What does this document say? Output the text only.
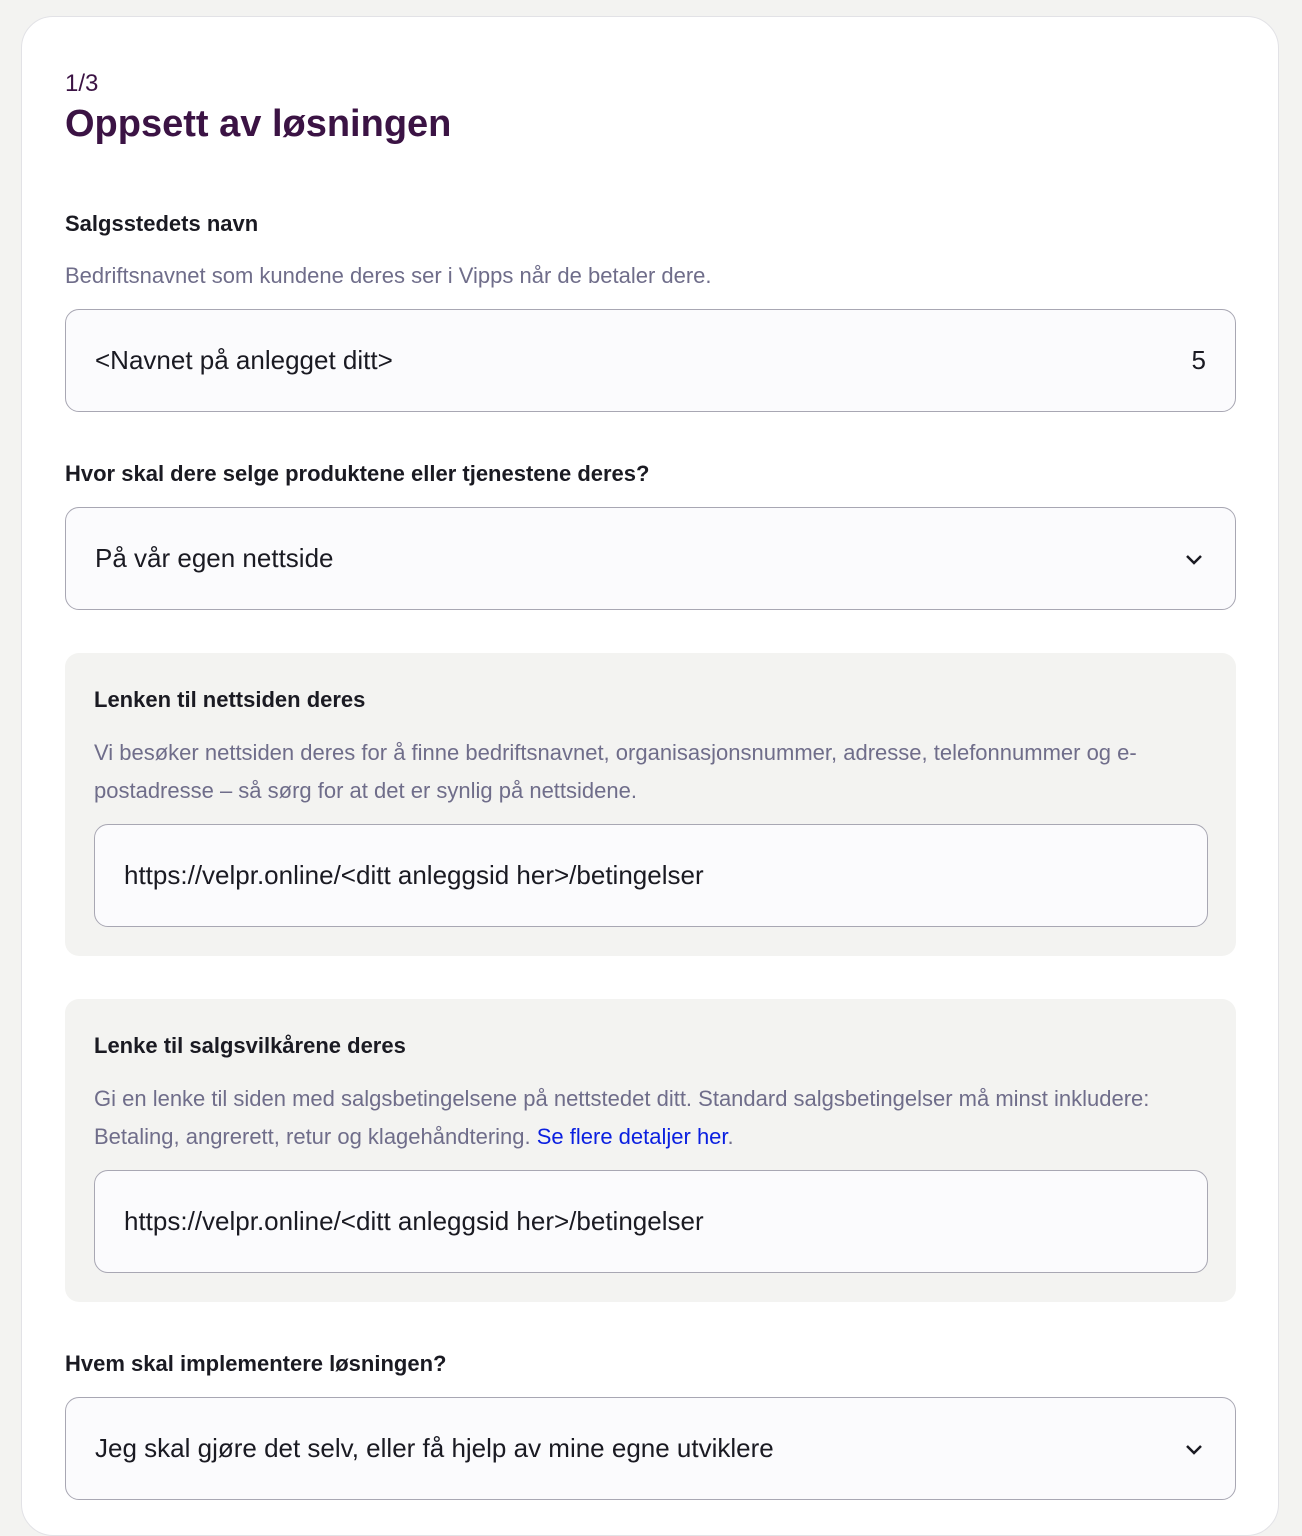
1/3
Oppsett av løsningen
Salgsstedets navn
Bedriftsnavnet som kundene deres ser i Vipps når de betaler dere.
<Navnet på anlegget ditt>	5
Hvor skal dere selge produktene eller tjenestene deres?
På vår egen nettside
Lenken til nettsiden deres
Vi besøker nettsiden deres for å finne bedriftsnavnet, organisasjonsnummer, adresse, telefonnummer og e-postadresse – så sørg for at det er synlig på nettsidene.
https://velpr.online/<ditt anleggsid her>/betingelser
Lenke til salgsvilkårene deres
Gi en lenke til siden med salgsbetingelsene på nettstedet ditt. Standard salgsbetingelser må minst inkludere: Betaling, angrerett, retur og klagehåndtering. Se flere detaljer her.
https://velpr.online/<ditt anleggsid her>/betingelser
Hvem skal implementere løsningen?
Jeg skal gjøre det selv, eller få hjelp av mine egne utviklere
